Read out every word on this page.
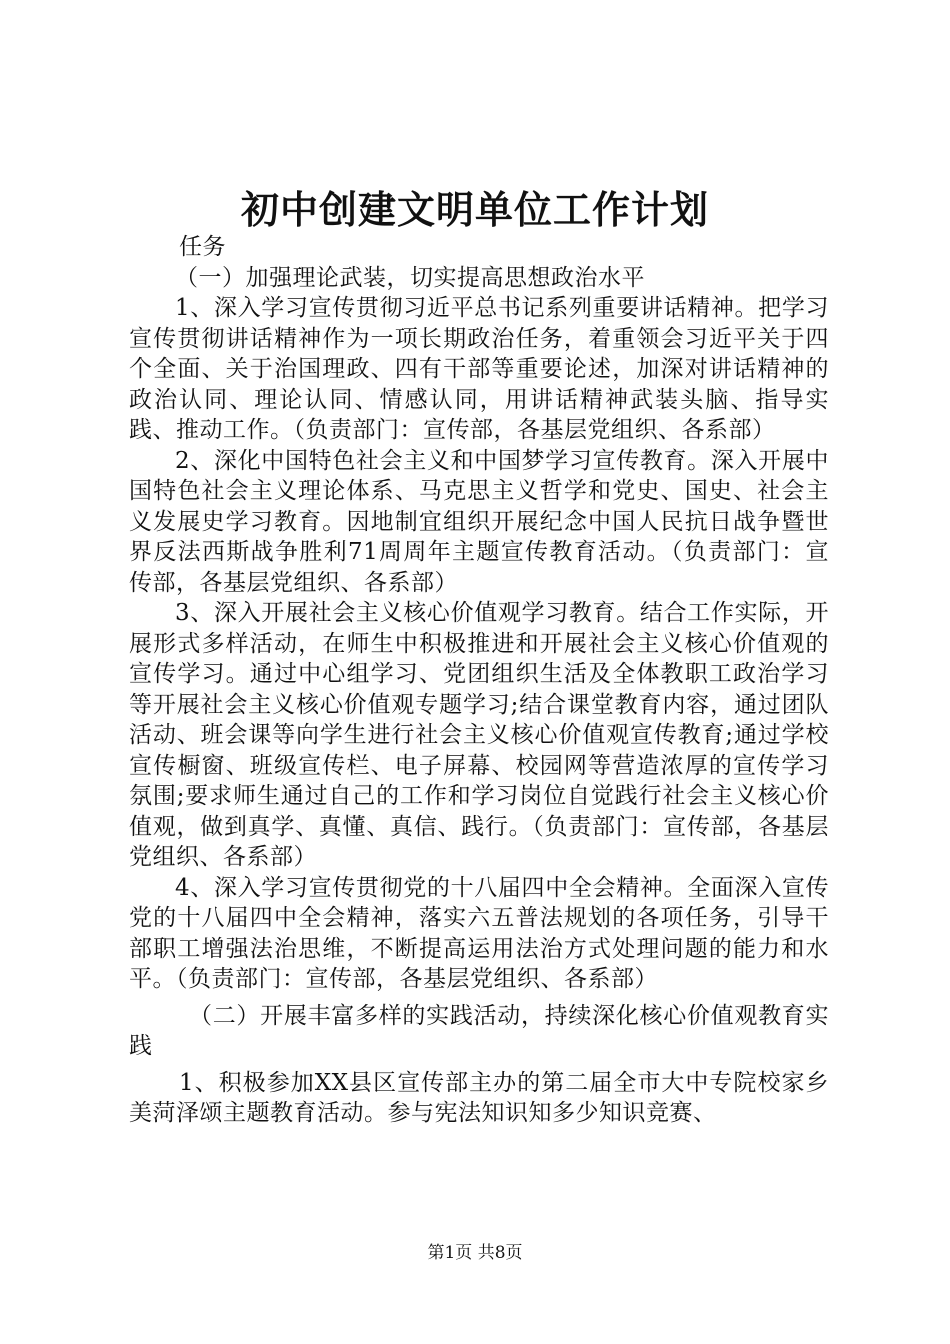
初中创建文明单位工作计划

任务

（一）加强理论武装，切实提高思想政治水平

1、深入学习宣传贯彻习近平总书记系列重要讲话精神。把学习宣传贯彻讲话精神作为一项长期政治任务，着重领会习近平关于四个全面、关于治国理政、四有干部等重要论述，加深对讲话精神的政治认同、理论认同、情感认同，用讲话精神武装头脑、指导实践、推动工作。（负责部门：宣传部，各基层党组织、各系部）

2、深化中国特色社会主义和中国梦学习宣传教育。深入开展中国特色社会主义理论体系、马克思主义哲学和党史、国史、社会主义发展史学习教育。因地制宜组织开展纪念中国人民抗日战争暨世界反法西斯战争胜利71周周年主题宣传教育活动。（负责部门：宣传部，各基层党组织、各系部）

3、深入开展社会主义核心价值观学习教育。结合工作实际，开展形式多样活动，在师生中积极推进和开展社会主义核心价值观的宣传学习。通过中心组学习、党团组织生活及全体教职工政治学习等开展社会主义核心价值观专题学习;结合课堂教育内容，通过团队活动、班会课等向学生进行社会主义核心价值观宣传教育;通过学校宣传橱窗、班级宣传栏、电子屏幕、校园网等营造浓厚的宣传学习氛围;要求师生通过自己的工作和学习岗位自觉践行社会主义核心价值观，做到真学、真懂、真信、践行。（负责部门：宣传部，各基层党组织、各系部）

4、深入学习宣传贯彻党的十八届四中全会精神。全面深入宣传党的十八届四中全会精神，落实六五普法规划的各项任务，引导干部职工增强法治思维，不断提高运用法治方式处理问题的能力和水平。（负责部门：宣传部，各基层党组织、各系部）

（二）开展丰富多样的实践活动，持续深化核心价值观教育实践

1、积极参加XX县区宣传部主办的第二届全市大中专院校家乡美菏泽颂主题教育活动。参与宪法知识知多少知识竞赛、

第1页 共8页
